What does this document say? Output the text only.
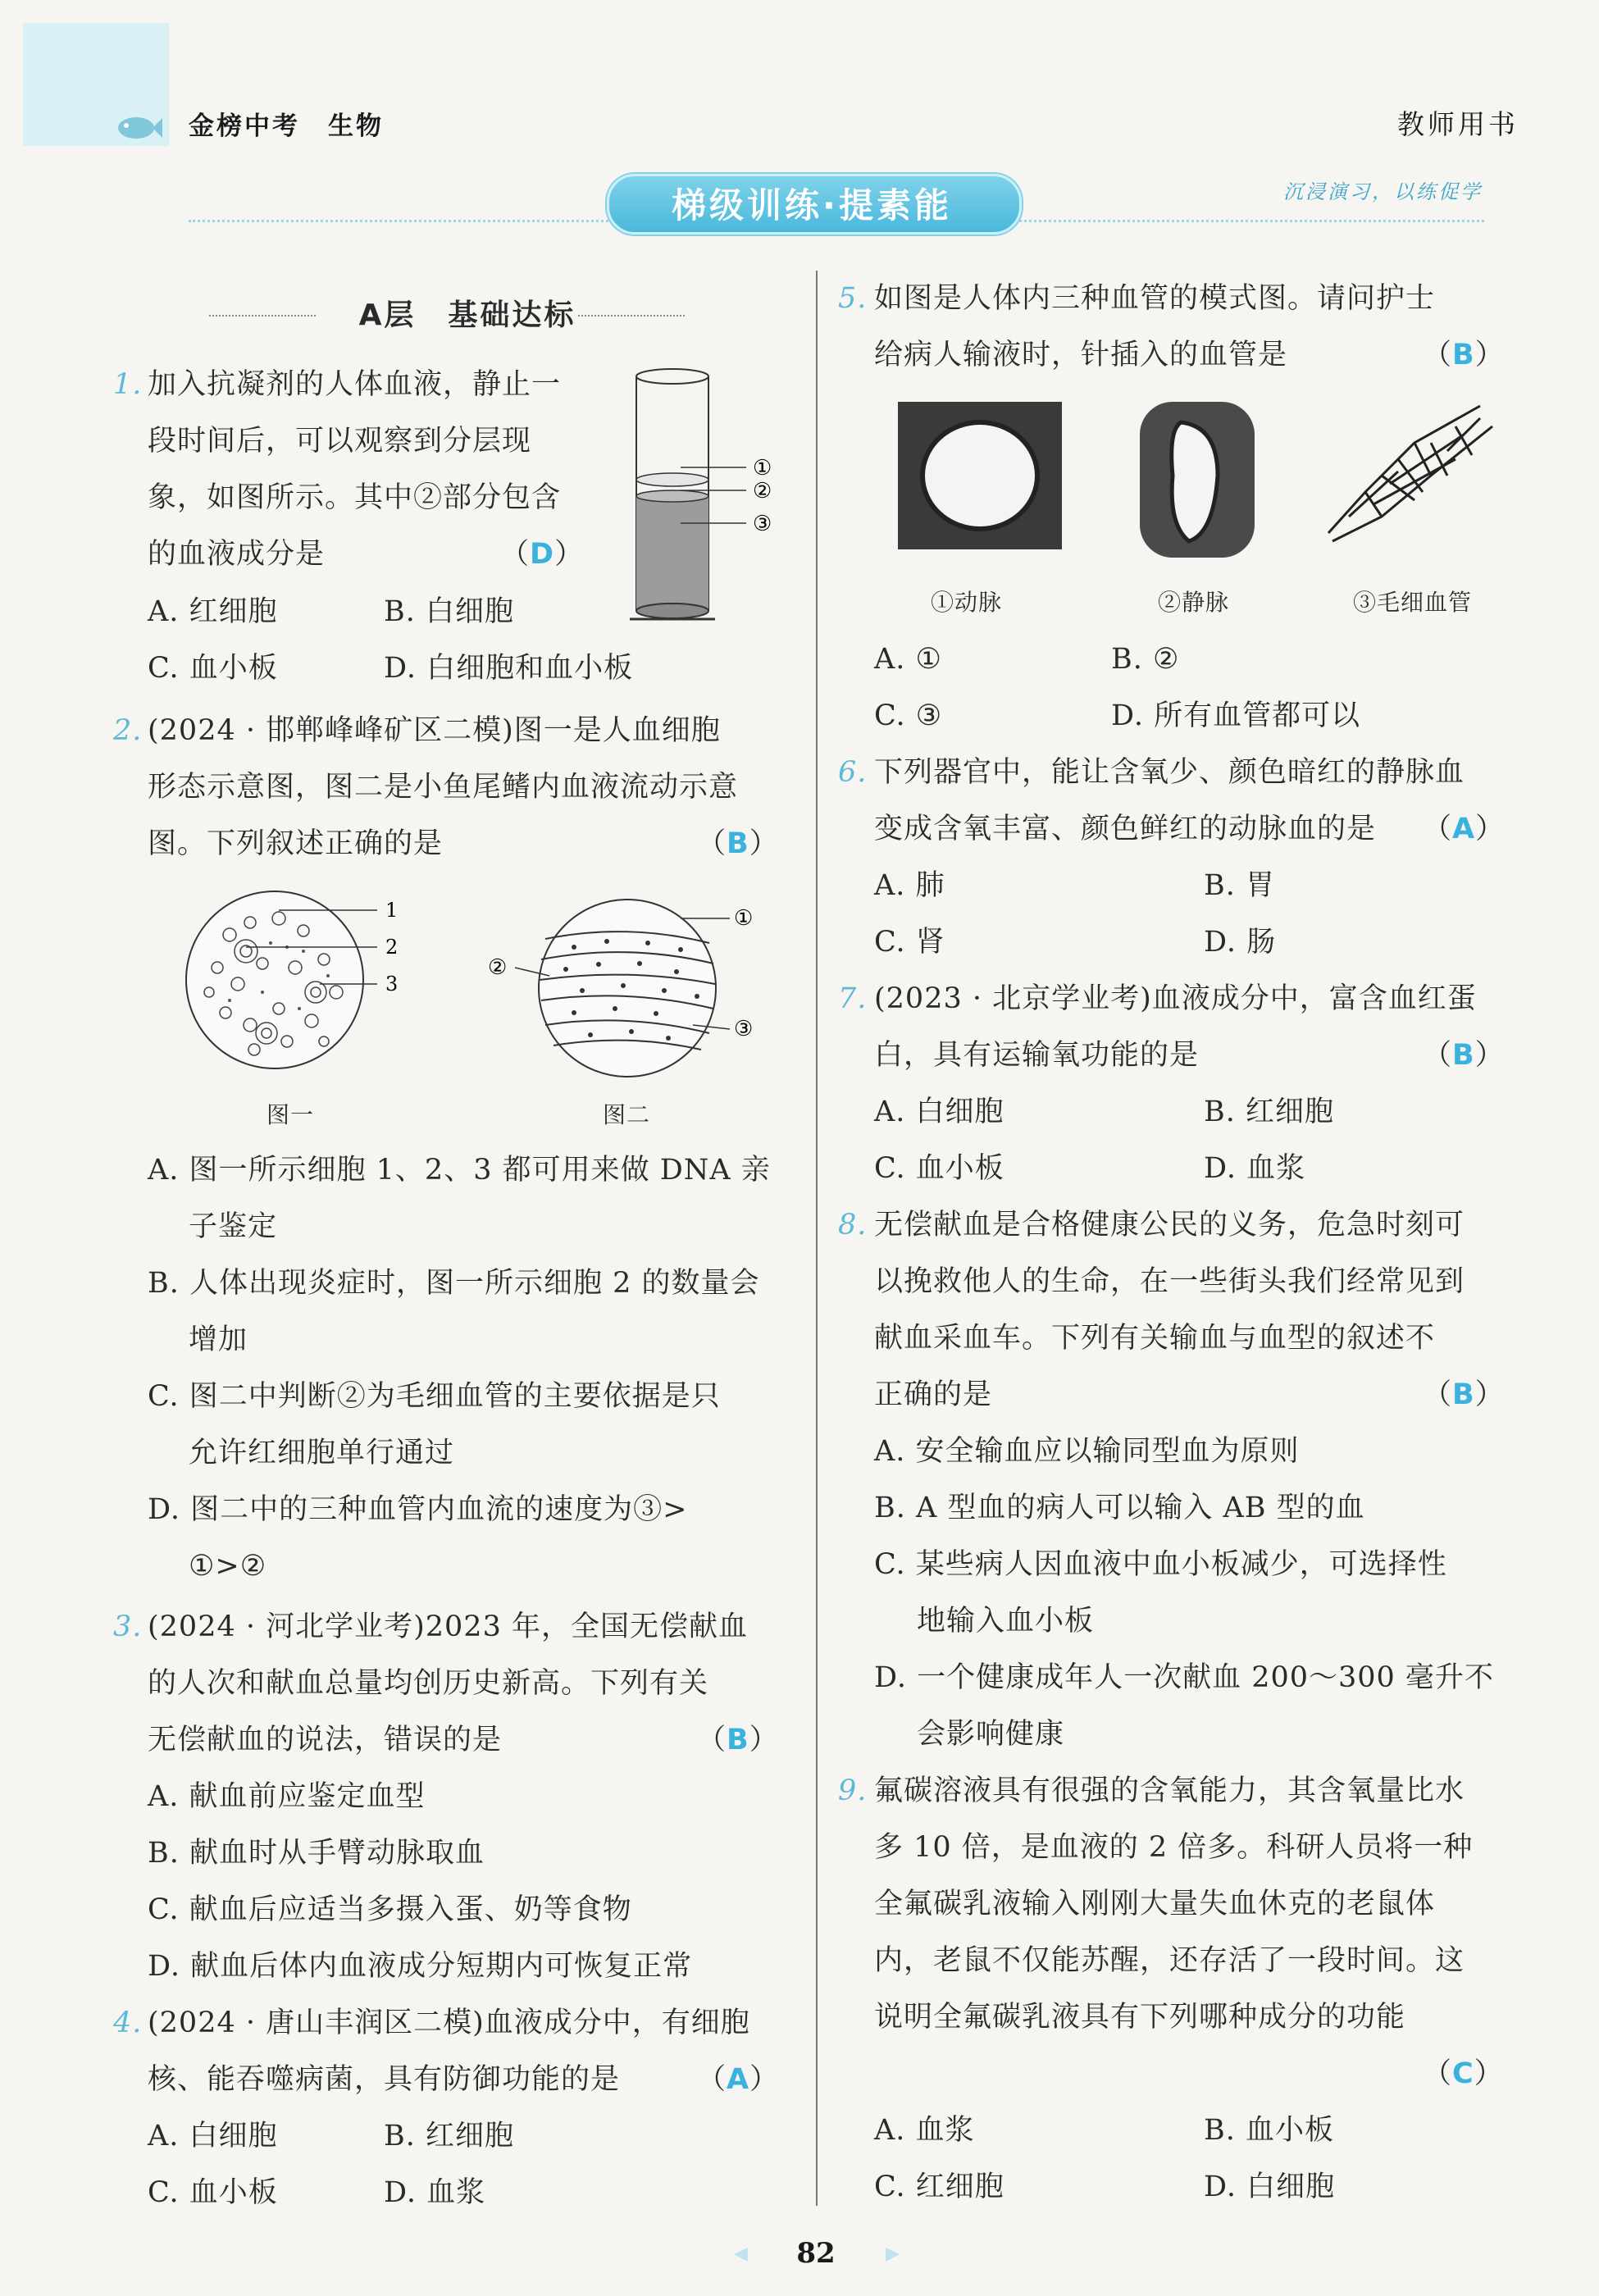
金榜中考　生物	教师用书
梯级训练·提素能	沉浸演习，以练促学
A层　基础达标
1. 加入抗凝剂的人体血液，静止一
段时间后，可以观察到分层现
象，如图所示。其中②部分包含
的血液成分是	（D）
①
②
③
A. 红细胞	B. 白细胞
C. 血小板	D. 白细胞和血小板
2. (2024 · 邯郸峰峰矿区二模)图一是人血细胞
形态示意图，图二是小鱼尾鳍内血液流动示意
图。下列叙述正确的是	（B）
1
2
3
图一
①
②
③
图二
A. 图一所示细胞 1、2、3 都可用来做 DNA 亲
子鉴定
B. 人体出现炎症时，图一所示细胞 2 的数量会
增加
C. 图二中判断②为毛细血管的主要依据是只
允许红细胞单行通过
D. 图二中的三种血管内血流的速度为③>
①>②
3. (2024 · 河北学业考)2023 年，全国无偿献血
的人次和献血总量均创历史新高。下列有关
无偿献血的说法，错误的是
A. 献血前应鉴定血型
B. 献血时从手臂动脉取血
C. 献血后应适当多摄入蛋、奶等食物
D. 献血后体内血液成分短期内可恢复正常
（B）
4. (2024 · 唐山丰润区二模)血液成分中，有细胞
核、能吞噬病菌，具有防御功能的是	（A）
A. 白细胞	B. 红细胞
C. 血小板	D. 血浆
5. 如图是人体内三种血管的模式图。请问护士
给病人输液时，针插入的血管是	（B）
①动脉	②静脉	③毛细血管
A. ①	B. ②
C. ③	D. 所有血管都可以
6. 下列器官中，能让含氧少、颜色暗红的静脉血
变成含氧丰富、颜色鲜红的动脉血的是	（A）
A. 肺	B. 胃
C. 肾	D. 肠
7. (2023 · 北京学业考)血液成分中，富含血红蛋
白，具有运输氧功能的是	（B）
A. 白细胞	B. 红细胞
C. 血小板	D. 血浆
8. 无偿献血是合格健康公民的义务，危急时刻可
以挽救他人的生命，在一些街头我们经常见到
献血采血车。下列有关输血与血型的叙述不
正确的是
A. 安全输血应以输同型血为原则
B. A 型血的病人可以输入 AB 型的血
C. 某些病人因血液中血小板减少，可选择性
地输入血小板
D. 一个健康成年人一次献血 200～300 毫升不
会影响健康
（B）
9. 氟碳溶液具有很强的含氧能力，其含氧量比水
多 10 倍，是血液的 2 倍多。科研人员将一种
全氟碳乳液输入刚刚大量失血休克的老鼠体
内，老鼠不仅能苏醒，还存活了一段时间。这
说明全氟碳乳液具有下列哪种成分的功能
（C）
A. 血浆	B. 血小板
C. 红细胞	D. 白细胞
◀	82	▶
